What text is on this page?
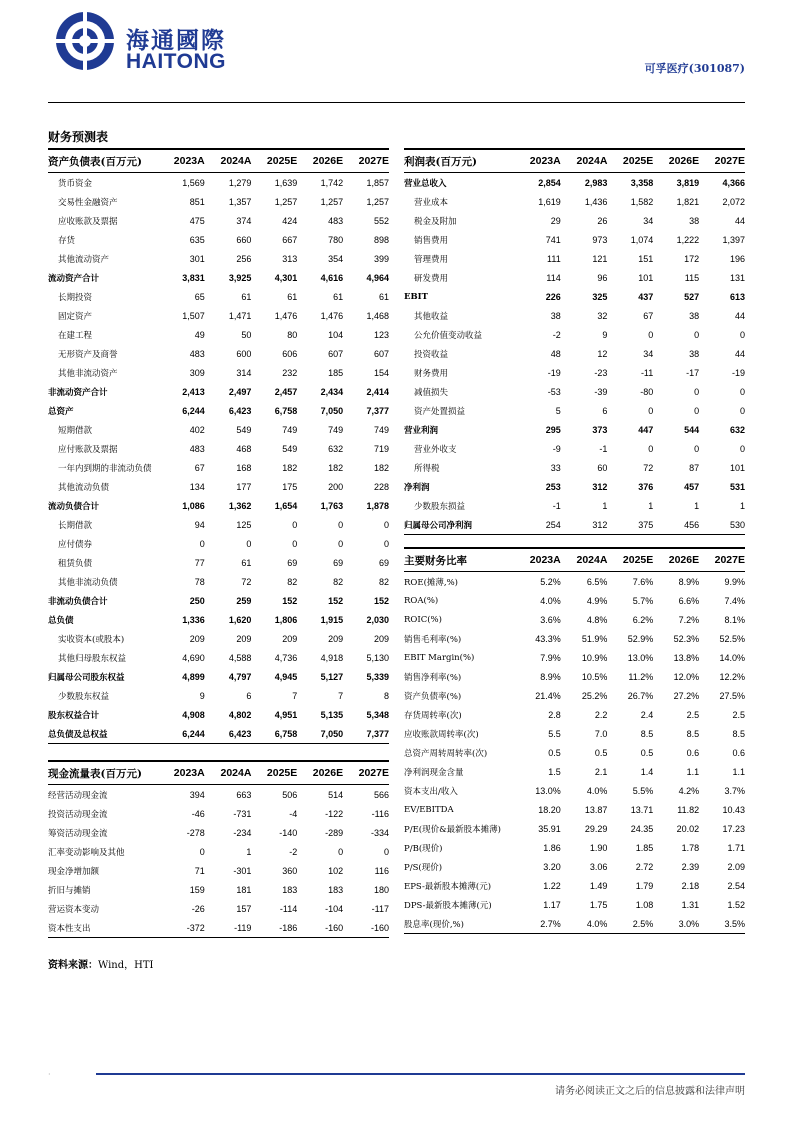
海通國際
HAITONG	可孚医疗(301087)
财务预测表
资产负债表(百万元)	2023A	2024A	2025E	2026E	2027E
货币资金	1,569	1,279	1,639	1,742	1,857
交易性金融资产	851	1,357	1,257	1,257	1,257
应收账款及票据	475	374	424	483	552
存货	635	660	667	780	898
其他流动资产	301	256	313	354	399
流动资产合计	3,831	3,925	4,301	4,616	4,964
长期投资	65	61	61	61	61
固定资产	1,507	1,471	1,476	1,476	1,468
在建工程	49	50	80	104	123
无形资产及商誉	483	600	606	607	607
其他非流动资产	309	314	232	185	154
非流动资产合计	2,413	2,497	2,457	2,434	2,414
总资产	6,244	6,423	6,758	7,050	7,377
短期借款	402	549	749	749	749
应付账款及票据	483	468	549	632	719
一年内到期的非流动负债	67	168	182	182	182
其他流动负债	134	177	175	200	228
流动负债合计	1,086	1,362	1,654	1,763	1,878
长期借款	94	125	0	0	0
应付债券	0	0	0	0	0
租赁负债	77	61	69	69	69
其他非流动负债	78	72	82	82	82
非流动负债合计	250	259	152	152	152
总负债	1,336	1,620	1,806	1,915	2,030
实收资本(或股本)	209	209	209	209	209
其他归母股东权益	4,690	4,588	4,736	4,918	5,130
归属母公司股东权益	4,899	4,797	4,945	5,127	5,339
少数股东权益	9	6	7	7	8
股东权益合计	4,908	4,802	4,951	5,135	5,348
总负债及总权益	6,244	6,423	6,758	7,050	7,377
利润表(百万元)	2023A	2024A	2025E	2026E	2027E
营业总收入	2,854	2,983	3,358	3,819	4,366
营业成本	1,619	1,436	1,582	1,821	2,072
税金及附加	29	26	34	38	44
销售费用	741	973	1,074	1,222	1,397
管理费用	111	121	151	172	196
研发费用	114	96	101	115	131
EBIT	226	325	437	527	613
其他收益	38	32	67	38	44
公允价值变动收益	-2	9	0	0	0
投资收益	48	12	34	38	44
财务费用	-19	-23	-11	-17	-19
减值损失	-53	-39	-80	0	0
资产处置损益	5	6	0	0	0
营业利润	295	373	447	544	632
营业外收支	-9	-1	0	0	0
所得税	33	60	72	87	101
净利润	253	312	376	457	531
少数股东损益	-1	1	1	1	1
归属母公司净利润	254	312	375	456	530
主要财务比率	2023A	2024A	2025E	2026E	2027E
ROE(摊薄,%)	5.2%	6.5%	7.6%	8.9%	9.9%
ROA(%)	4.0%	4.9%	5.7%	6.6%	7.4%
ROIC(%)	3.6%	4.8%	6.2%	7.2%	8.1%
销售毛利率(%)	43.3%	51.9%	52.9%	52.3%	52.5%
EBIT Margin(%)	7.9%	10.9%	13.0%	13.8%	14.0%
销售净利率(%)	8.9%	10.5%	11.2%	12.0%	12.2%
资产负债率(%)	21.4%	25.2%	26.7%	27.2%	27.5%
存货周转率(次)	2.8	2.2	2.4	2.5	2.5
应收账款周转率(次)	5.5	7.0	8.5	8.5	8.5
总资产周转周转率(次)	0.5	0.5	0.5	0.6	0.6
净利润现金含量	1.5	2.1	1.4	1.1	1.1
资本支出/收入	13.0%	4.0%	5.5%	4.2%	3.7%
EV/EBITDA	18.20	13.87	13.71	11.82	10.43
P/E(现价&最新股本摊薄)	35.91	29.29	24.35	20.02	17.23
P/B(现价)	1.86	1.90	1.85	1.78	1.71
P/S(现价)	3.20	3.06	2.72	2.39	2.09
EPS-最新股本摊薄(元)	1.22	1.49	1.79	2.18	2.54
DPS-最新股本摊薄(元)	1.17	1.75	1.08	1.31	1.52
股息率(现价,%)	2.7%	4.0%	2.5%	3.0%	3.5%
现金流量表(百万元)	2023A	2024A	2025E	2026E	2027E
经营活动现金流	394	663	506	514	566
投资活动现金流	-46	-731	-4	-122	-116
筹资活动现金流	-278	-234	-140	-289	-334
汇率变动影响及其他	0	1	-2	0	0
现金净增加额	71	-301	360	102	116
折旧与摊销	159	181	183	183	180
营运资本变动	-26	157	-114	-104	-117
资本性支出	-372	-119	-186	-160	-160
资料来源：Wind，HTI
·
请务必阅读正文之后的信息披露和法律声明
